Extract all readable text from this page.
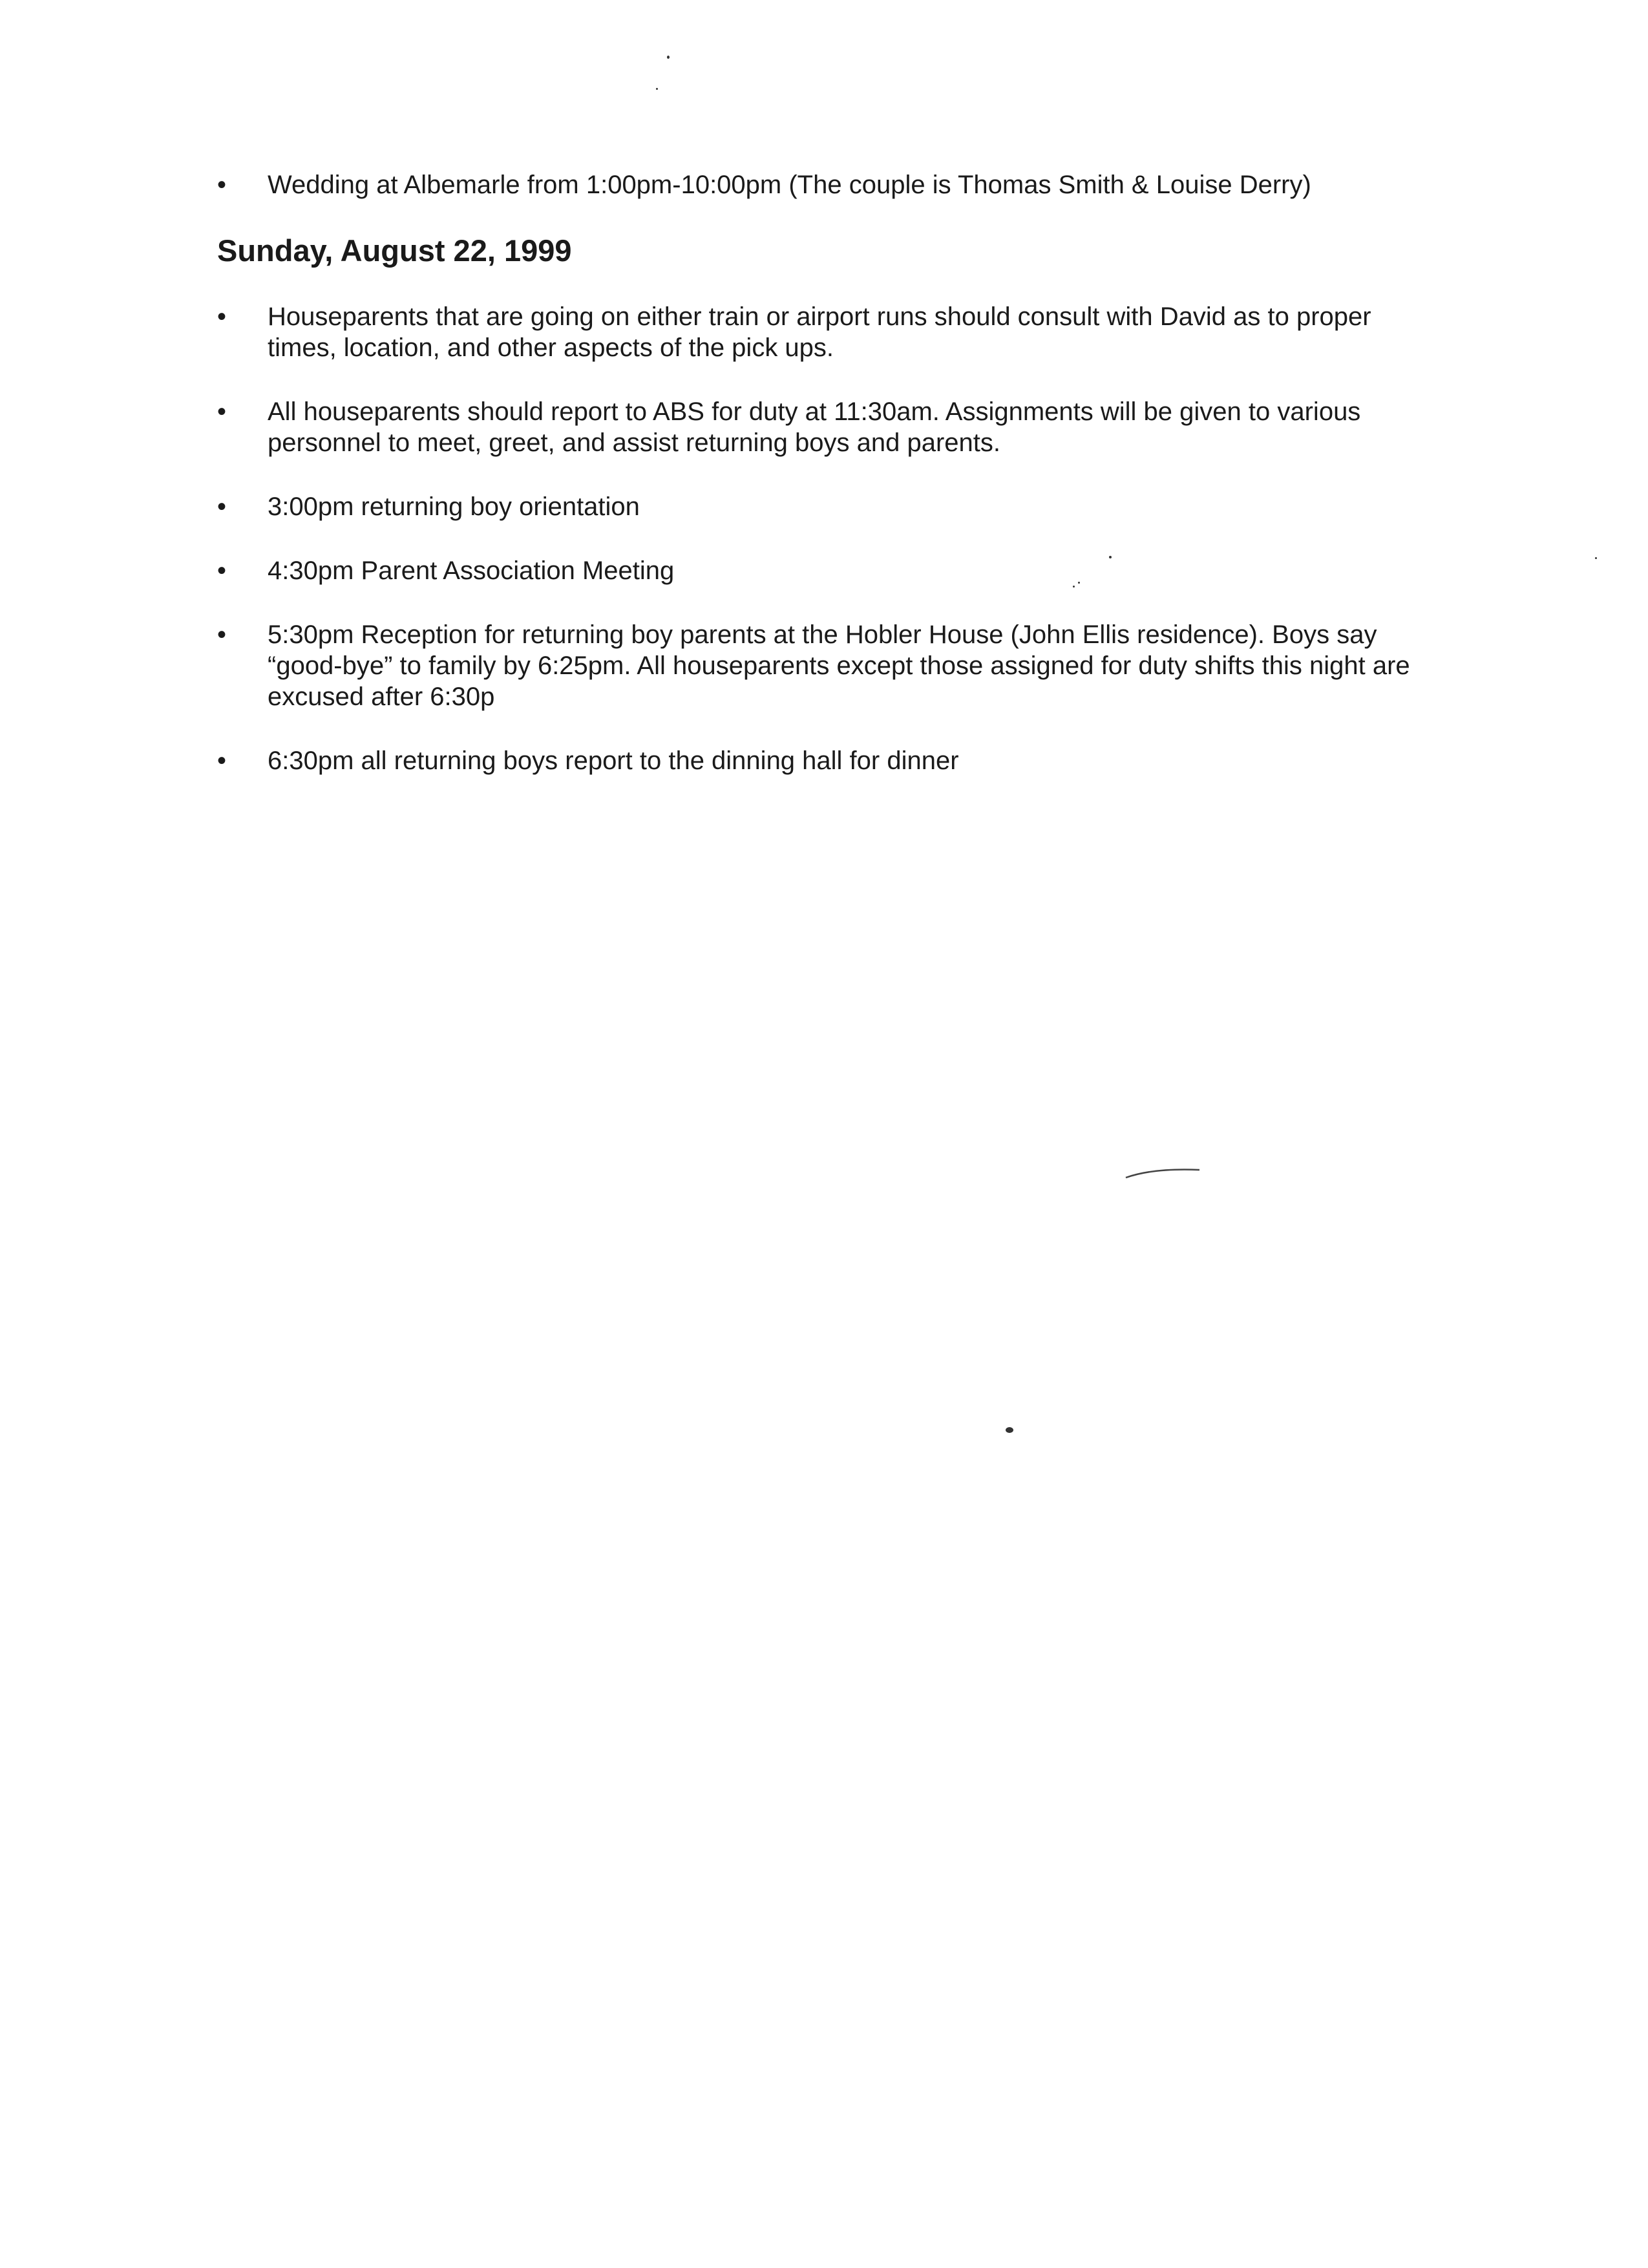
• Wedding at Albemarle from 1:00pm-10:00pm (The couple is Thomas Smith & Louise Derry)
Sunday, August 22, 1999
• Houseparents that are going on either train or airport runs should consult with David as to proper times, location, and other aspects of the pick ups.
• All houseparents should report to ABS for duty at 11:30am. Assignments will be given to various personnel to meet, greet, and assist returning boys and parents.
• 3:00pm returning boy orientation
• 4:30pm Parent Association Meeting
• 5:30pm Reception for returning boy parents at the Hobler House (John Ellis residence). Boys say “good-bye” to family by 6:25pm. All houseparents except those assigned for duty shifts this night are excused after 6:30p
• 6:30pm all returning boys report to the dinning hall for dinner
